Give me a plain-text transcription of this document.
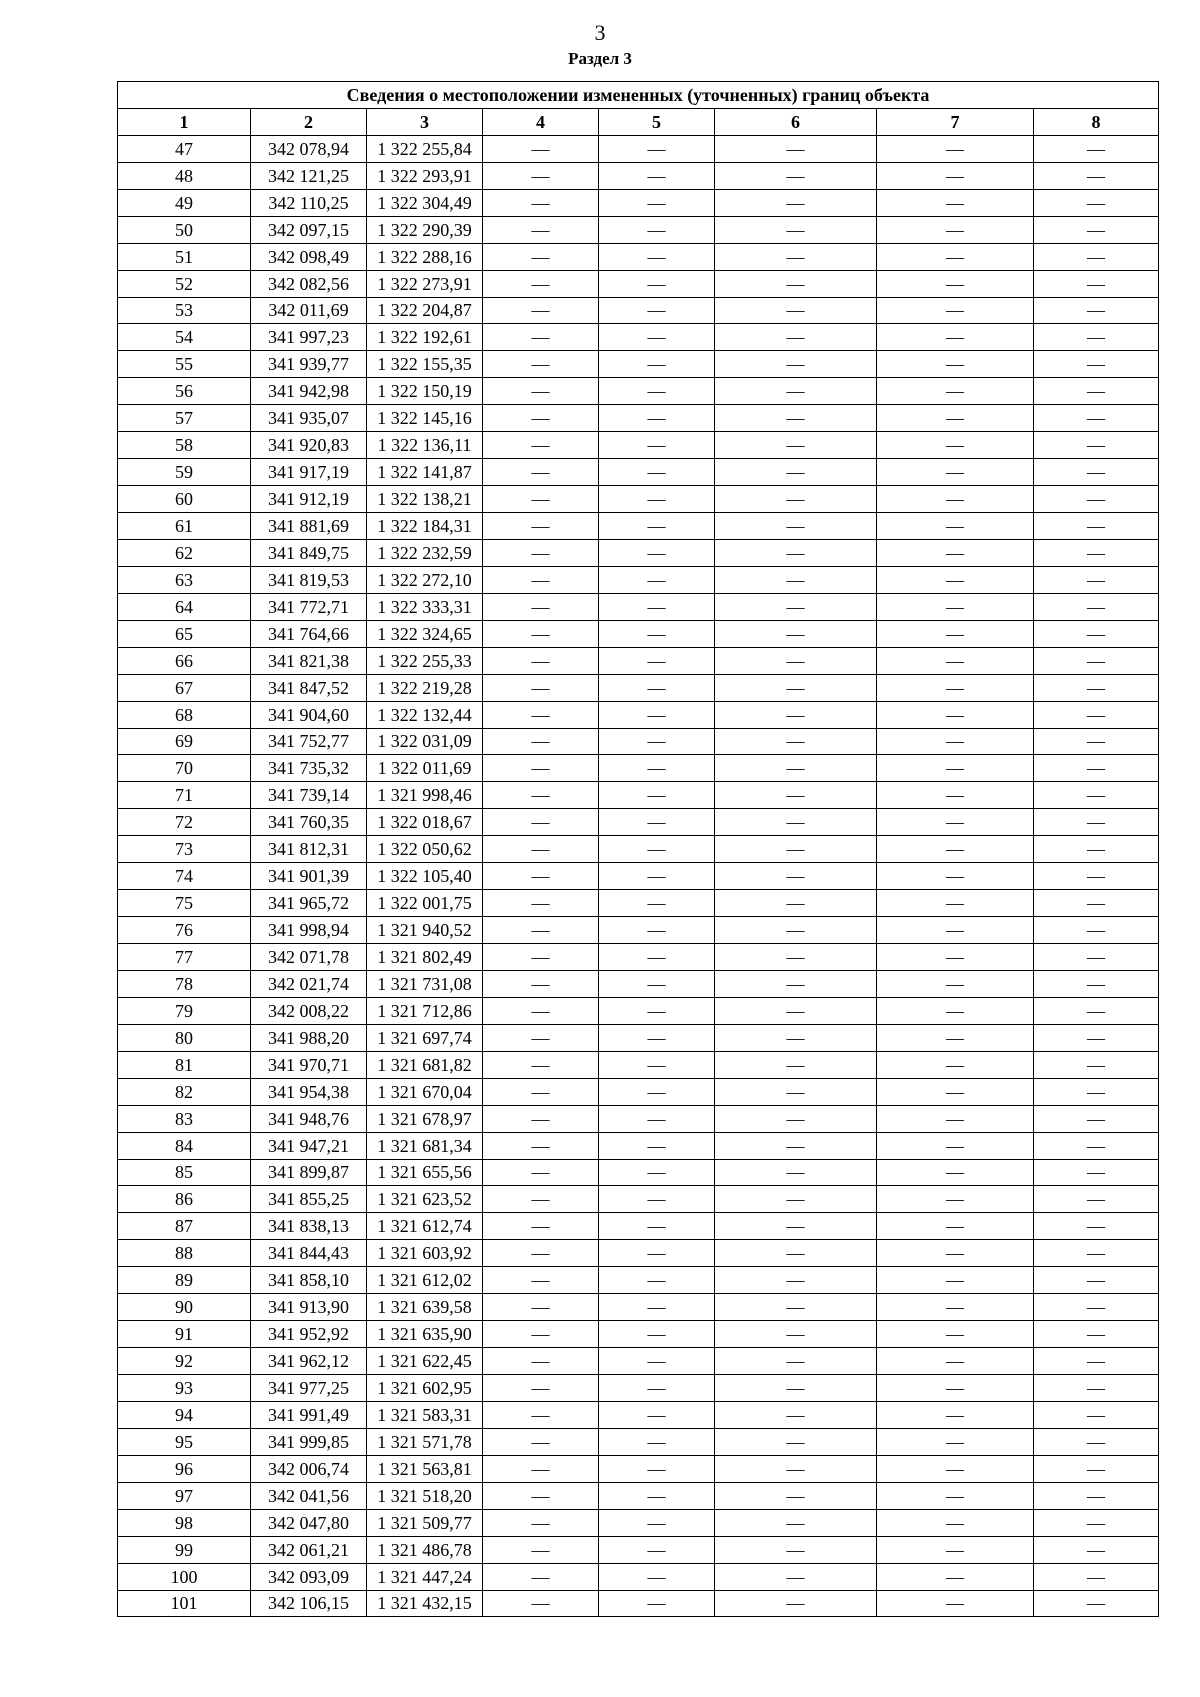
3
Раздел 3
Сведения о местоположении измененных (уточненных) границ объекта							
1	2	3	4	5	6	7	8
47	342 078,94	1 322 255,84	—	—	—	—	—
48	342 121,25	1 322 293,91	—	—	—	—	—
49	342 110,25	1 322 304,49	—	—	—	—	—
50	342 097,15	1 322 290,39	—	—	—	—	—
51	342 098,49	1 322 288,16	—	—	—	—	—
52	342 082,56	1 322 273,91	—	—	—	—	—
53	342 011,69	1 322 204,87	—	—	—	—	—
54	341 997,23	1 322 192,61	—	—	—	—	—
55	341 939,77	1 322 155,35	—	—	—	—	—
56	341 942,98	1 322 150,19	—	—	—	—	—
57	341 935,07	1 322 145,16	—	—	—	—	—
58	341 920,83	1 322 136,11	—	—	—	—	—
59	341 917,19	1 322 141,87	—	—	—	—	—
60	341 912,19	1 322 138,21	—	—	—	—	—
61	341 881,69	1 322 184,31	—	—	—	—	—
62	341 849,75	1 322 232,59	—	—	—	—	—
63	341 819,53	1 322 272,10	—	—	—	—	—
64	341 772,71	1 322 333,31	—	—	—	—	—
65	341 764,66	1 322 324,65	—	—	—	—	—
66	341 821,38	1 322 255,33	—	—	—	—	—
67	341 847,52	1 322 219,28	—	—	—	—	—
68	341 904,60	1 322 132,44	—	—	—	—	—
69	341 752,77	1 322 031,09	—	—	—	—	—
70	341 735,32	1 322 011,69	—	—	—	—	—
71	341 739,14	1 321 998,46	—	—	—	—	—
72	341 760,35	1 322 018,67	—	—	—	—	—
73	341 812,31	1 322 050,62	—	—	—	—	—
74	341 901,39	1 322 105,40	—	—	—	—	—
75	341 965,72	1 322 001,75	—	—	—	—	—
76	341 998,94	1 321 940,52	—	—	—	—	—
77	342 071,78	1 321 802,49	—	—	—	—	—
78	342 021,74	1 321 731,08	—	—	—	—	—
79	342 008,22	1 321 712,86	—	—	—	—	—
80	341 988,20	1 321 697,74	—	—	—	—	—
81	341 970,71	1 321 681,82	—	—	—	—	—
82	341 954,38	1 321 670,04	—	—	—	—	—
83	341 948,76	1 321 678,97	—	—	—	—	—
84	341 947,21	1 321 681,34	—	—	—	—	—
85	341 899,87	1 321 655,56	—	—	—	—	—
86	341 855,25	1 321 623,52	—	—	—	—	—
87	341 838,13	1 321 612,74	—	—	—	—	—
88	341 844,43	1 321 603,92	—	—	—	—	—
89	341 858,10	1 321 612,02	—	—	—	—	—
90	341 913,90	1 321 639,58	—	—	—	—	—
91	341 952,92	1 321 635,90	—	—	—	—	—
92	341 962,12	1 321 622,45	—	—	—	—	—
93	341 977,25	1 321 602,95	—	—	—	—	—
94	341 991,49	1 321 583,31	—	—	—	—	—
95	341 999,85	1 321 571,78	—	—	—	—	—
96	342 006,74	1 321 563,81	—	—	—	—	—
97	342 041,56	1 321 518,20	—	—	—	—	—
98	342 047,80	1 321 509,77	—	—	—	—	—
99	342 061,21	1 321 486,78	—	—	—	—	—
100	342 093,09	1 321 447,24	—	—	—	—	—
101	342 106,15	1 321 432,15	—	—	—	—	—
